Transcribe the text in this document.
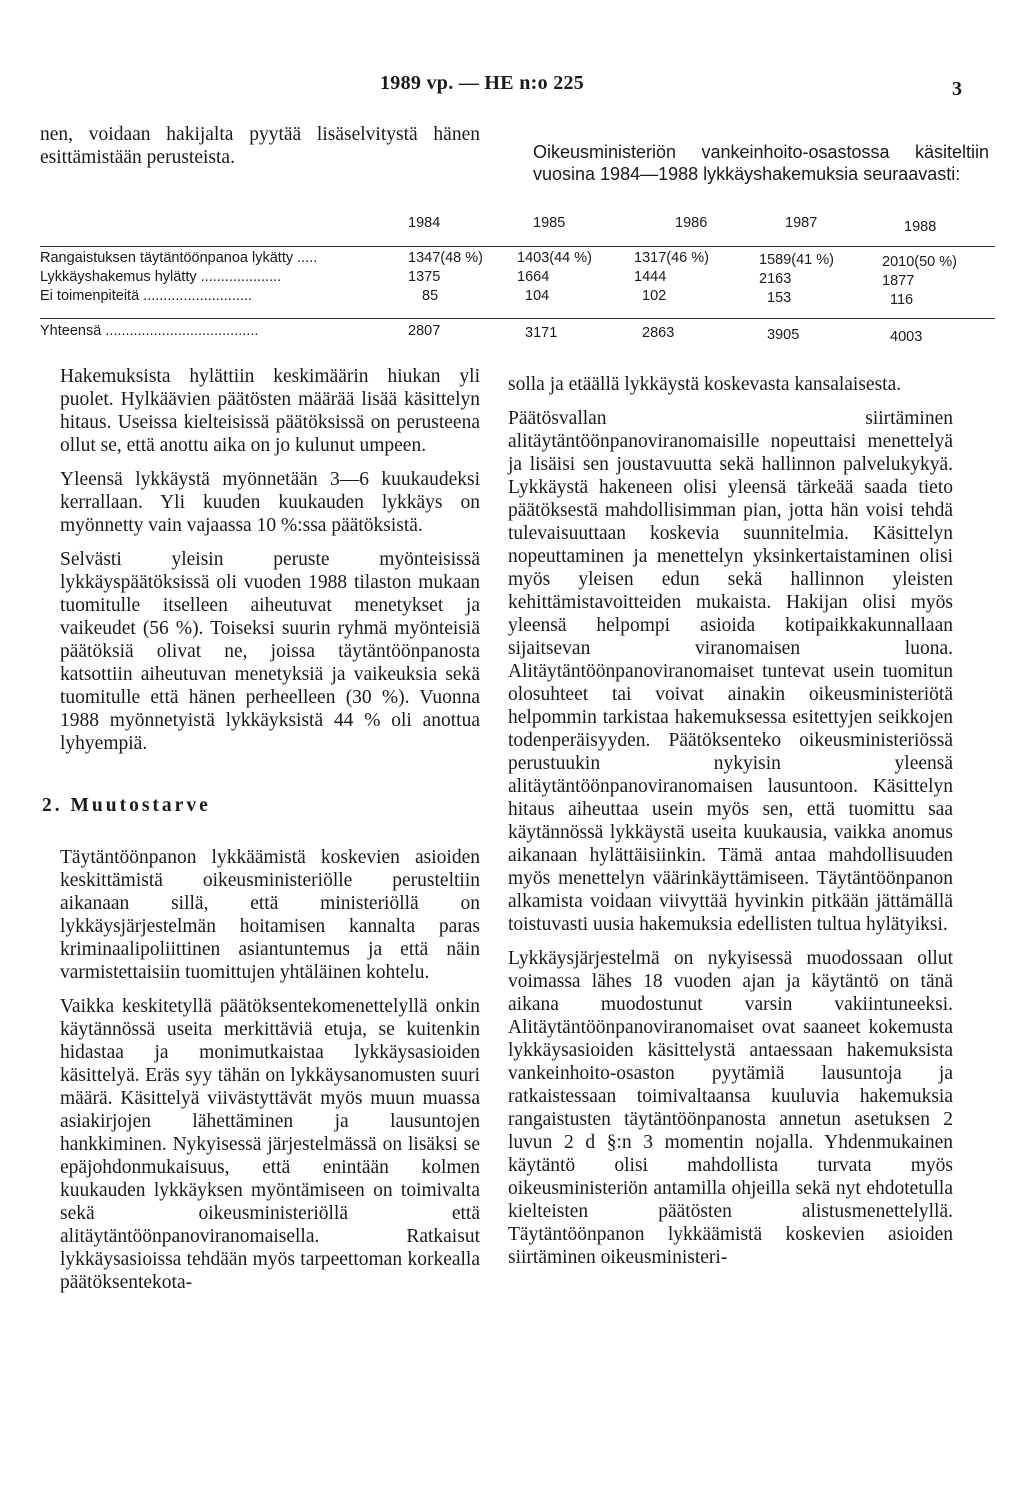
1989 vp. — HE n:o 225	3

nen, voidaan hakijalta pyytää lisäselvitystä hänen esittämistään perusteista.	Oikeusministeriön vankeinhoito-osastossa käsiteltiin vuosina 1984—1988 lykkäyshakemuksia seuraavasti:

1984	1985	1986	1987	1988
Rangaistuksen täytäntöönpanoa lykätty .....	1347(48 %) 1403(44 %)	1317(46 %)	1589(41 %)	2010(50 %)
Lykkäyshakemus hylätty ....................	1375	1664	1444	2163	1877
Ei toimenpiteitä ...........................	85	104	102	153	116
Yhteensä ......................................	2807	3171	2863	3905	4003

Hakemuksista hylättiin keskimäärin hiukan yli puolet. Hylkäävien päätösten määrää lisää käsittelyn hitaus. Useissa kielteisissä päätöksissä on perusteena ollut se, että anottu aika on jo kulunut umpeen.

Yleensä lykkäystä myönnetään 3—6 kuukaudeksi kerrallaan. Yli kuuden kuukauden lykkäys on myönnetty vain vajaassa 10 %:ssa päätöksistä.

Selvästi yleisin peruste myönteisissä lykkäyspäätöksissä oli vuoden 1988 tilaston mukaan tuomitulle itselleen aiheutuvat menetykset ja vaikeudet (56 %). Toiseksi suurin ryhmä myönteisiä päätöksiä olivat ne, joissa täytäntöönpanosta katsottiin aiheutuvan menetyksiä ja vaikeuksia sekä tuomitulle että hänen perheelleen (30 %). Vuonna 1988 myönnetyistä lykkäyksistä 44 % oli anottua lyhyempiä.

2. Muutostarve

Täytäntöönpanon lykkäämistä koskevien asioiden keskittämistä oikeusministeriölle perusteltiin aikanaan sillä, että ministeriöllä on lykkäysjärjestelmän hoitamisen kannalta paras kriminaalipoliittinen asiantuntemus ja että näin varmistettaisiin tuomittujen yhtäläinen kohtelu.

Vaikka keskitetyllä päätöksentekomenettelyllä onkin käytännössä useita merkittäviä etuja, se kuitenkin hidastaa ja monimutkaistaa lykkäysasioiden käsittelyä. Eräs syy tähän on lykkäysanomusten suuri määrä. Käsittelyä viivästyttävät myös muun muassa asiakirjojen lähettäminen ja lausuntojen hankkiminen. Nykyisessä järjestelmässä on lisäksi se epäjohdonmukaisuus, että enintään kolmen kuukauden lykkäyksen myöntämiseen on toimivalta sekä oikeusministeriöllä että alitäytäntöönpanoviranomaisella. Ratkaisut lykkäysasioissa tehdään myös tarpeettoman korkealla päätöksentekota-

solla ja etäällä lykkäystä koskevasta kansalaisesta.

Päätösvallan siirtäminen alitäytäntöönpanoviranomaisille nopeuttaisi menettelyä ja lisäisi sen joustavuutta sekä hallinnon palvelukykyä. Lykkäystä hakeneen olisi yleensä tärkeää saada tieto päätöksestä mahdollisimman pian, jotta hän voisi tehdä tulevaisuuttaan koskevia suunnitelmia. Käsittelyn nopeuttaminen ja menettelyn yksinkertaistaminen olisi myös yleisen edun sekä hallinnon yleisten kehittämistavoitteiden mukaista. Hakijan olisi myös yleensä helpompi asioida kotipaikkakunnallaan sijaitsevan viranomaisen luona. Alitäytäntöönpanoviranomaiset tuntevat usein tuomitun olosuhteet tai voivat ainakin oikeusministeriötä helpommin tarkistaa hakemuksessa esitettyjen seikkojen todenperäisyyden. Päätöksenteko oikeusministeriössä perustuukin nykyisin yleensä alitäytäntöönpanoviranomaisen lausuntoon. Käsittelyn hitaus aiheuttaa usein myös sen, että tuomittu saa käytännössä lykkäystä useita kuukausia, vaikka anomus aikanaan hylättäisiinkin. Tämä antaa mahdollisuuden myös menettelyn väärinkäyttämiseen. Täytäntöönpanon alkamista voidaan viivyttää hyvinkin pitkään jättämällä toistuvasti uusia hakemuksia edellisten tultua hylätyiksi.

Lykkäysjärjestelmä on nykyisessä muodossaan ollut voimassa lähes 18 vuoden ajan ja käytäntö on tänä aikana muodostunut varsin vakiintuneeksi. Alitäytäntöönpanoviranomaiset ovat saaneet kokemusta lykkäysasioiden käsittelystä antaessaan hakemuksista vankeinhoito-osaston pyytämiä lausuntoja ja ratkaistessaan toimivaltaansa kuuluvia hakemuksia rangaistusten täytäntöönpanosta annetun asetuksen 2 luvun 2 d §:n 3 momentin nojalla. Yhdenmukainen käytäntö olisi mahdollista turvata myös oikeusministeriön antamilla ohjeilla sekä nyt ehdotetulla kielteisten päätösten alistusmenettelyllä. Täytäntöönpanon lykkäämistä koskevien asioiden siirtäminen oikeusministeri-
